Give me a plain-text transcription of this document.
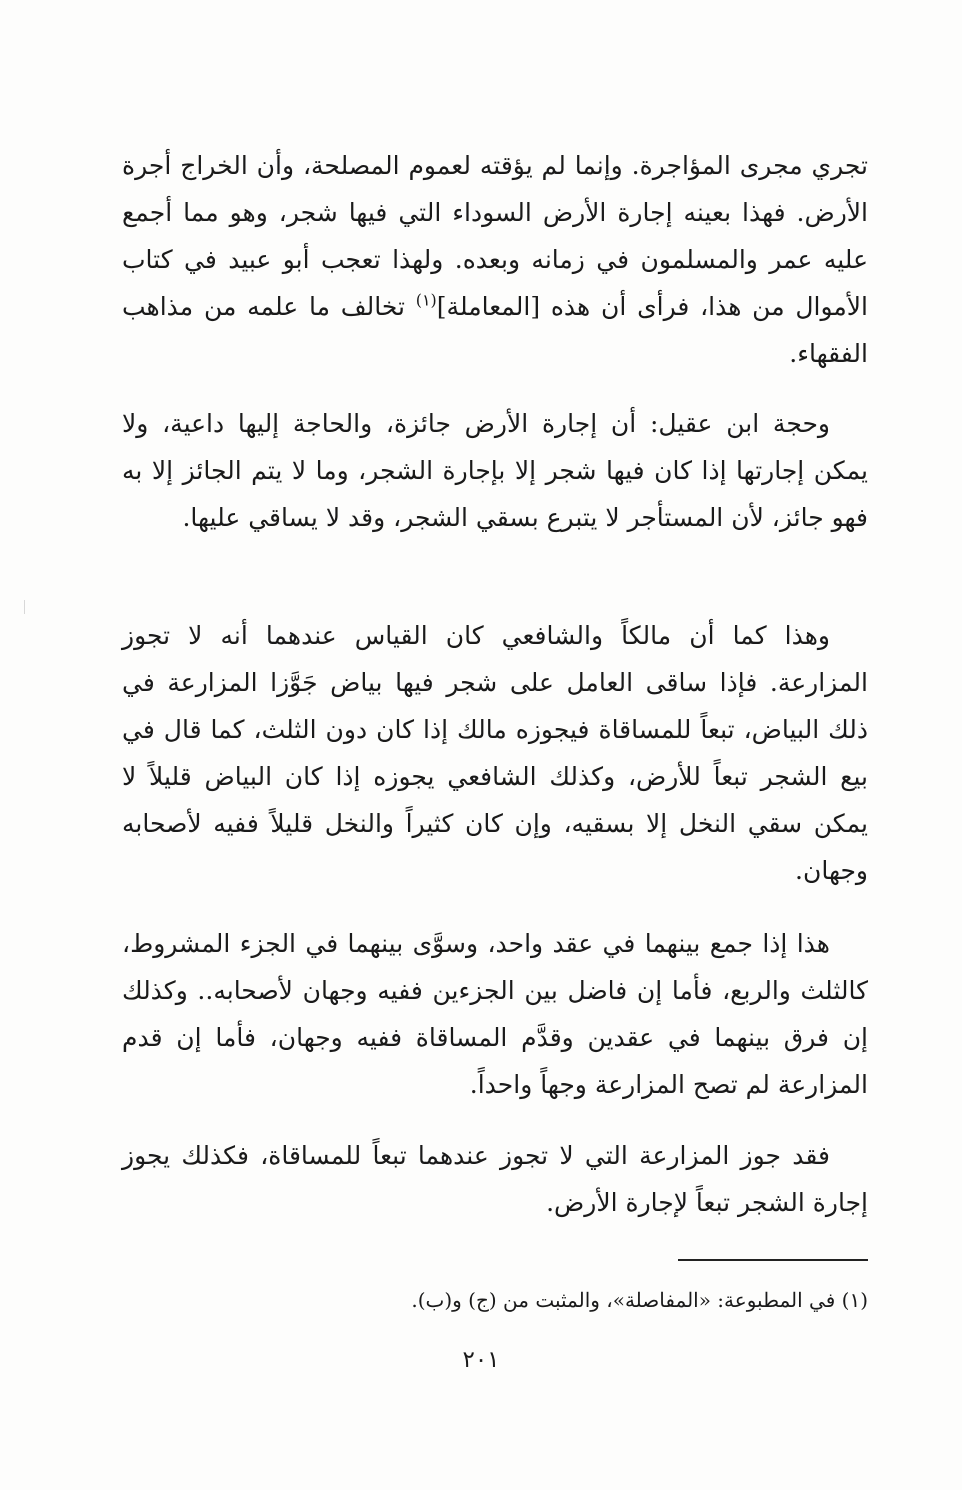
تجري مجرى المؤاجرة. وإنما لم يؤقته لعموم المصلحة، وأن الخراج أجرة الأرض. فهذا بعينه إجارة الأرض السوداء التي فيها شجر، وهو مما أجمع عليه عمر والمسلمون في زمانه وبعده. ولهذا تعجب أبو عبيد في كتاب الأموال من هذا، فرأى أن هذه [المعاملة]$^{(١)}$ تخالف ما علمه من مذاهب الفقهاء.

وحجة ابن عقيل: أن إجارة الأرض جائزة، والحاجة إليها داعية، ولا يمكن إجارتها إذا كان فيها شجر إلا بإجارة الشجر، وما لا يتم الجائز إلا به فهو جائز، لأن المستأجر لا يتبرع بسقي الشجر، وقد لا يساقي عليها.

وهذا كما أن مالكاً والشافعي كان القياس عندهما أنه لا تجوز المزارعة. فإذا ساقى العامل على شجر فيها بياض جَوَّزا المزارعة في ذلك البياض، تبعاً للمساقاة فيجوزه مالك إذا كان دون الثلث، كما قال في بيع الشجر تبعاً للأرض، وكذلك الشافعي يجوزه إذا كان البياض قليلاً لا يمكن سقي النخل إلا بسقيه، وإن كان كثيراً والنخل قليلاً ففيه لأصحابه وجهان.

هذا إذا جمع بينهما في عقد واحد، وسوَّى بينهما في الجزء المشروط، كالثلث والربع، فأما إن فاضل بين الجزءين ففيه وجهان لأصحابه.. وكذلك إن فرق بينهما في عقدين وقدَّم المساقاة ففيه وجهان، فأما إن قدم المزارعة لم تصح المزارعة وجهاً واحداً.

فقد جوز المزارعة التي لا تجوز عندهما تبعاً للمساقاة، فكذلك يجوز إجارة الشجر تبعاً لإجارة الأرض.

(١) في المطبوعة: «المفاصلة»، والمثبت من (ج) و(ب).
٢٠١
